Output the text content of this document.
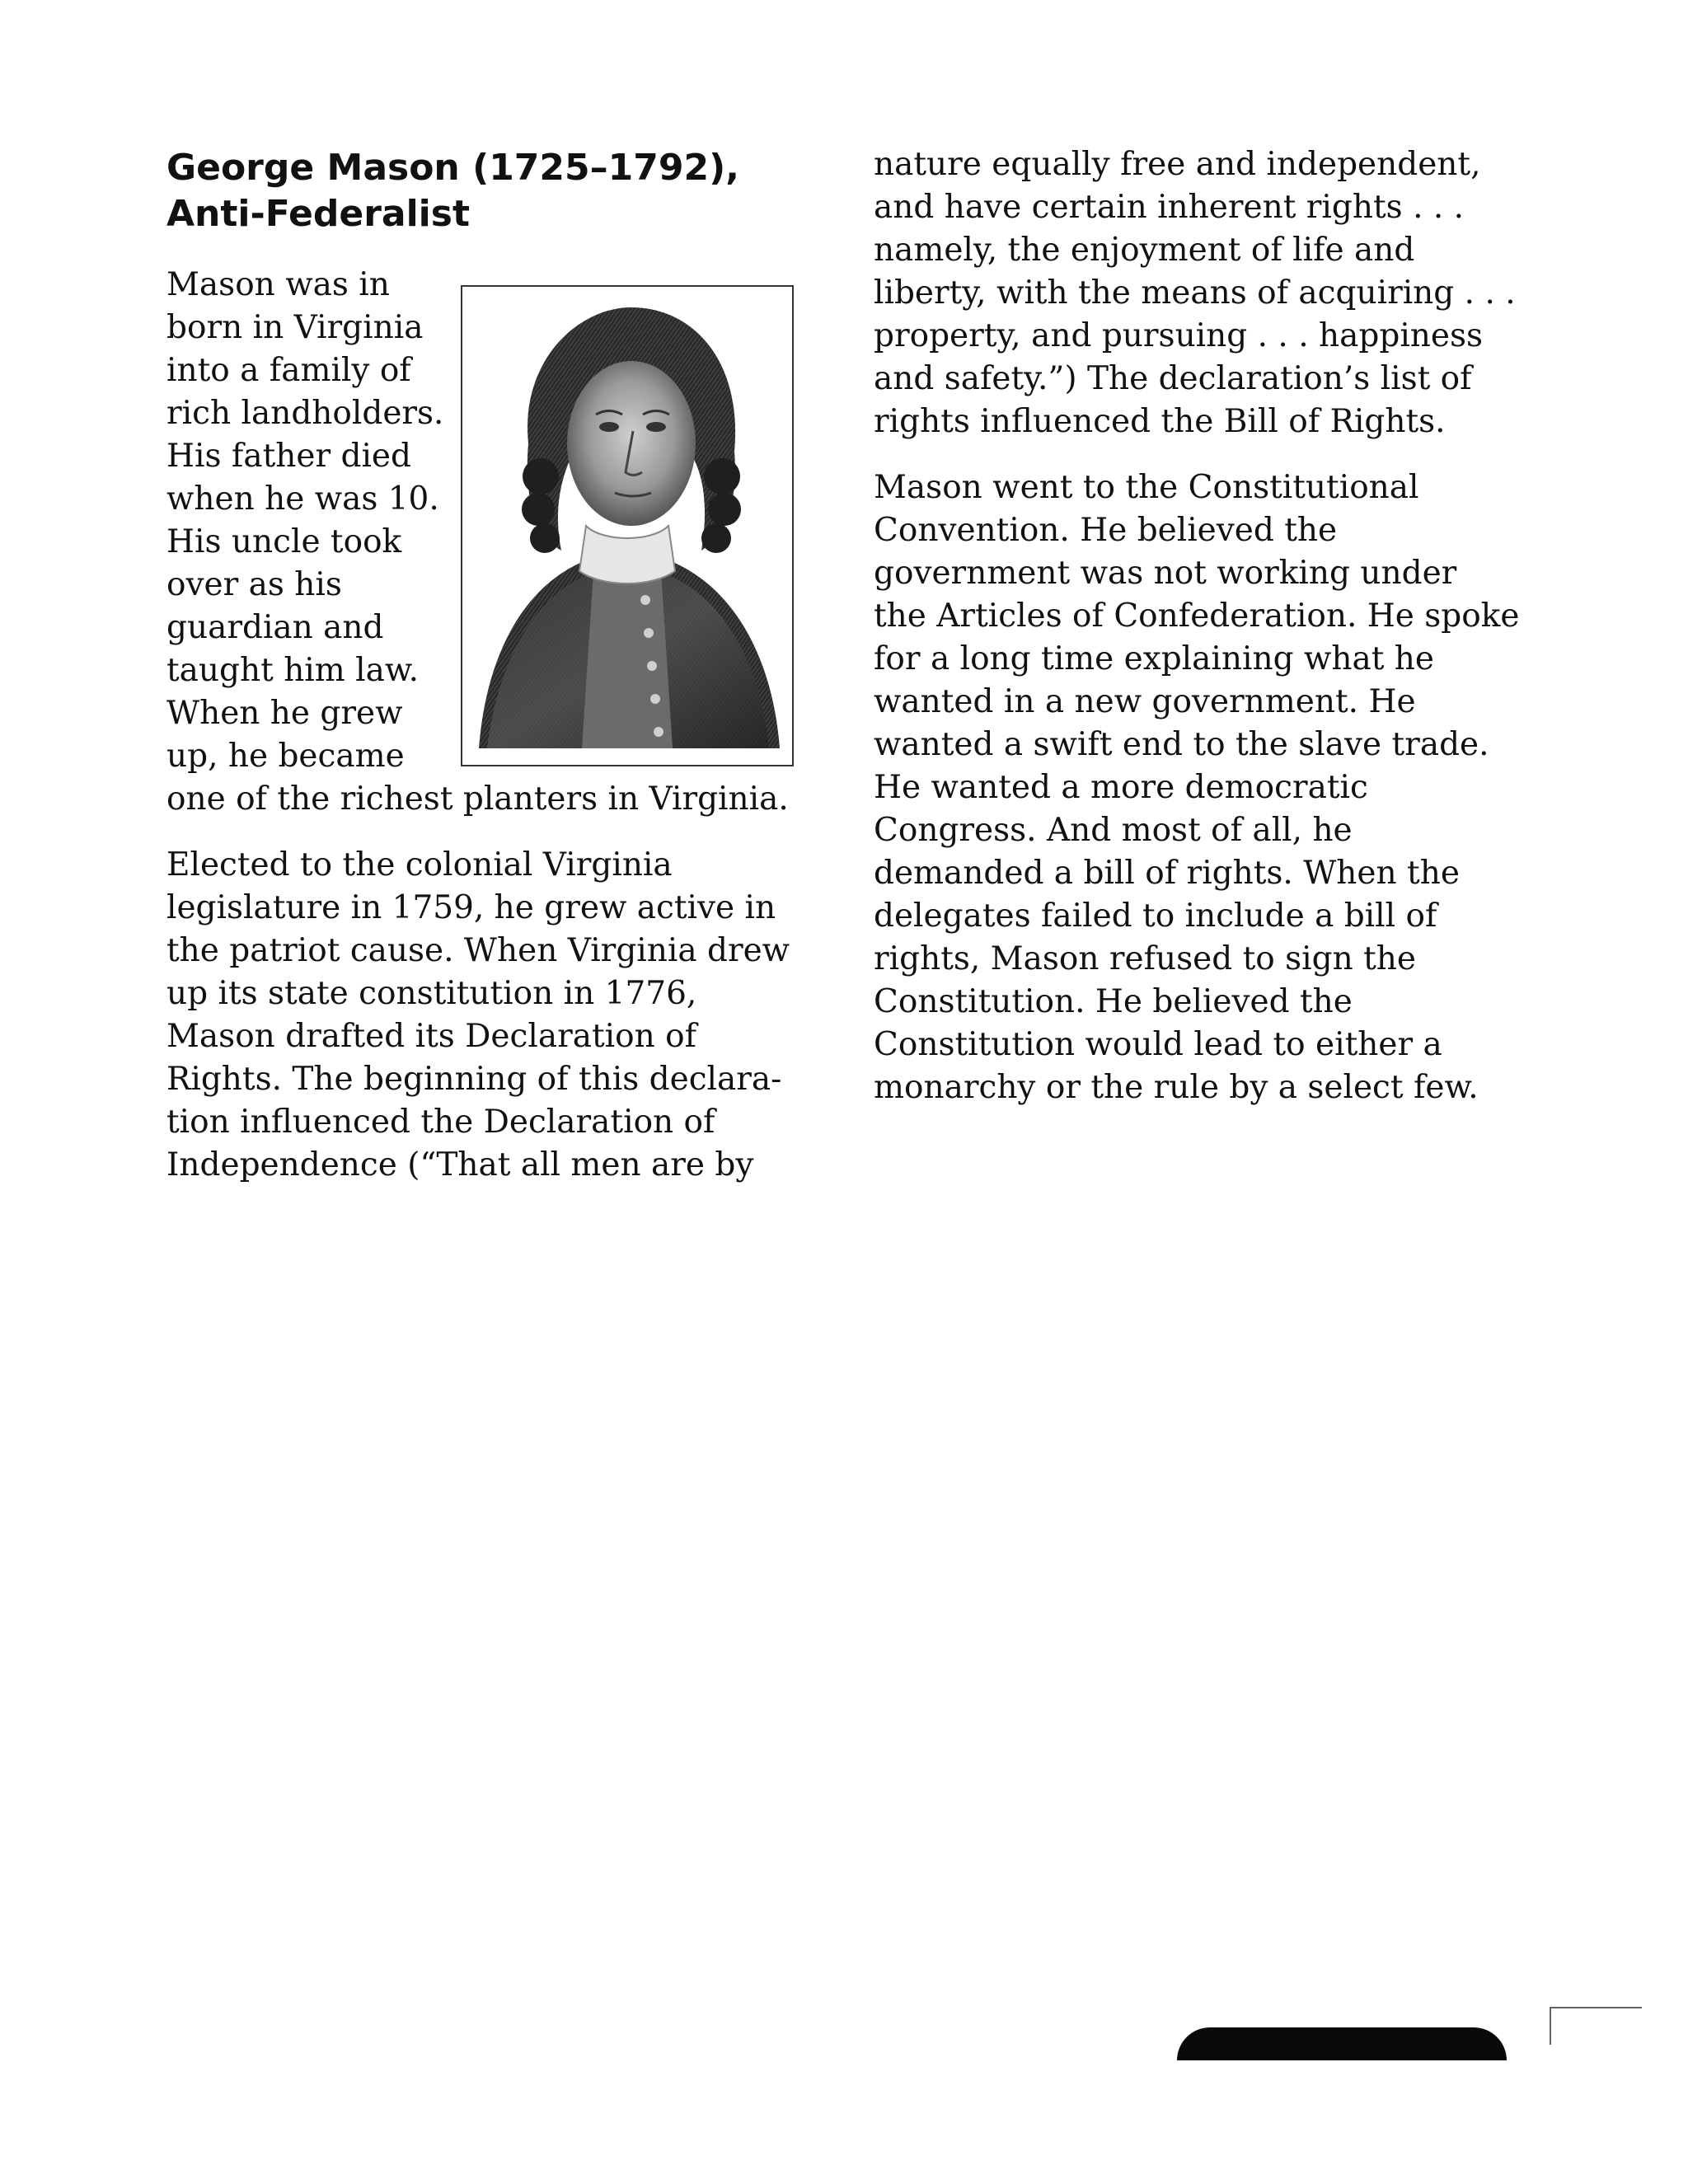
George Mason (1725–1792),
Anti-Federalist
Mason was in
born in Virginia
into a family of
rich landholders.
His father died
when he was 10.
His uncle took
over as his
guardian and
taught him law.
When he grew
up, he became
one of the richest planters in Virginia.
Elected to the colonial Virginia
legislature in 1759, he grew active in
the patriot cause. When Virginia drew
up its state constitution in 1776,
Mason drafted its Declaration of
Rights. The beginning of this declara-
tion influenced the Declaration of
Independence (“That all men are by
nature equally free and independent,
and have certain inherent rights . . .
namely, the enjoyment of life and
liberty, with the means of acquiring . . .
property, and pursuing . . . happiness
and safety.”) The declaration’s list of
rights influenced the Bill of Rights.
Mason went to the Constitutional
Convention. He believed the
government was not working under
the Articles of Confederation. He spoke
for a long time explaining what he
wanted in a new government. He
wanted a swift end to the slave trade.
He wanted a more democratic
Congress. And most of all, he
demanded a bill of rights. When the
delegates failed to include a bill of
rights, Mason refused to sign the
Constitution. He believed the
Constitution would lead to either a
monarchy or the rule by a select few.
